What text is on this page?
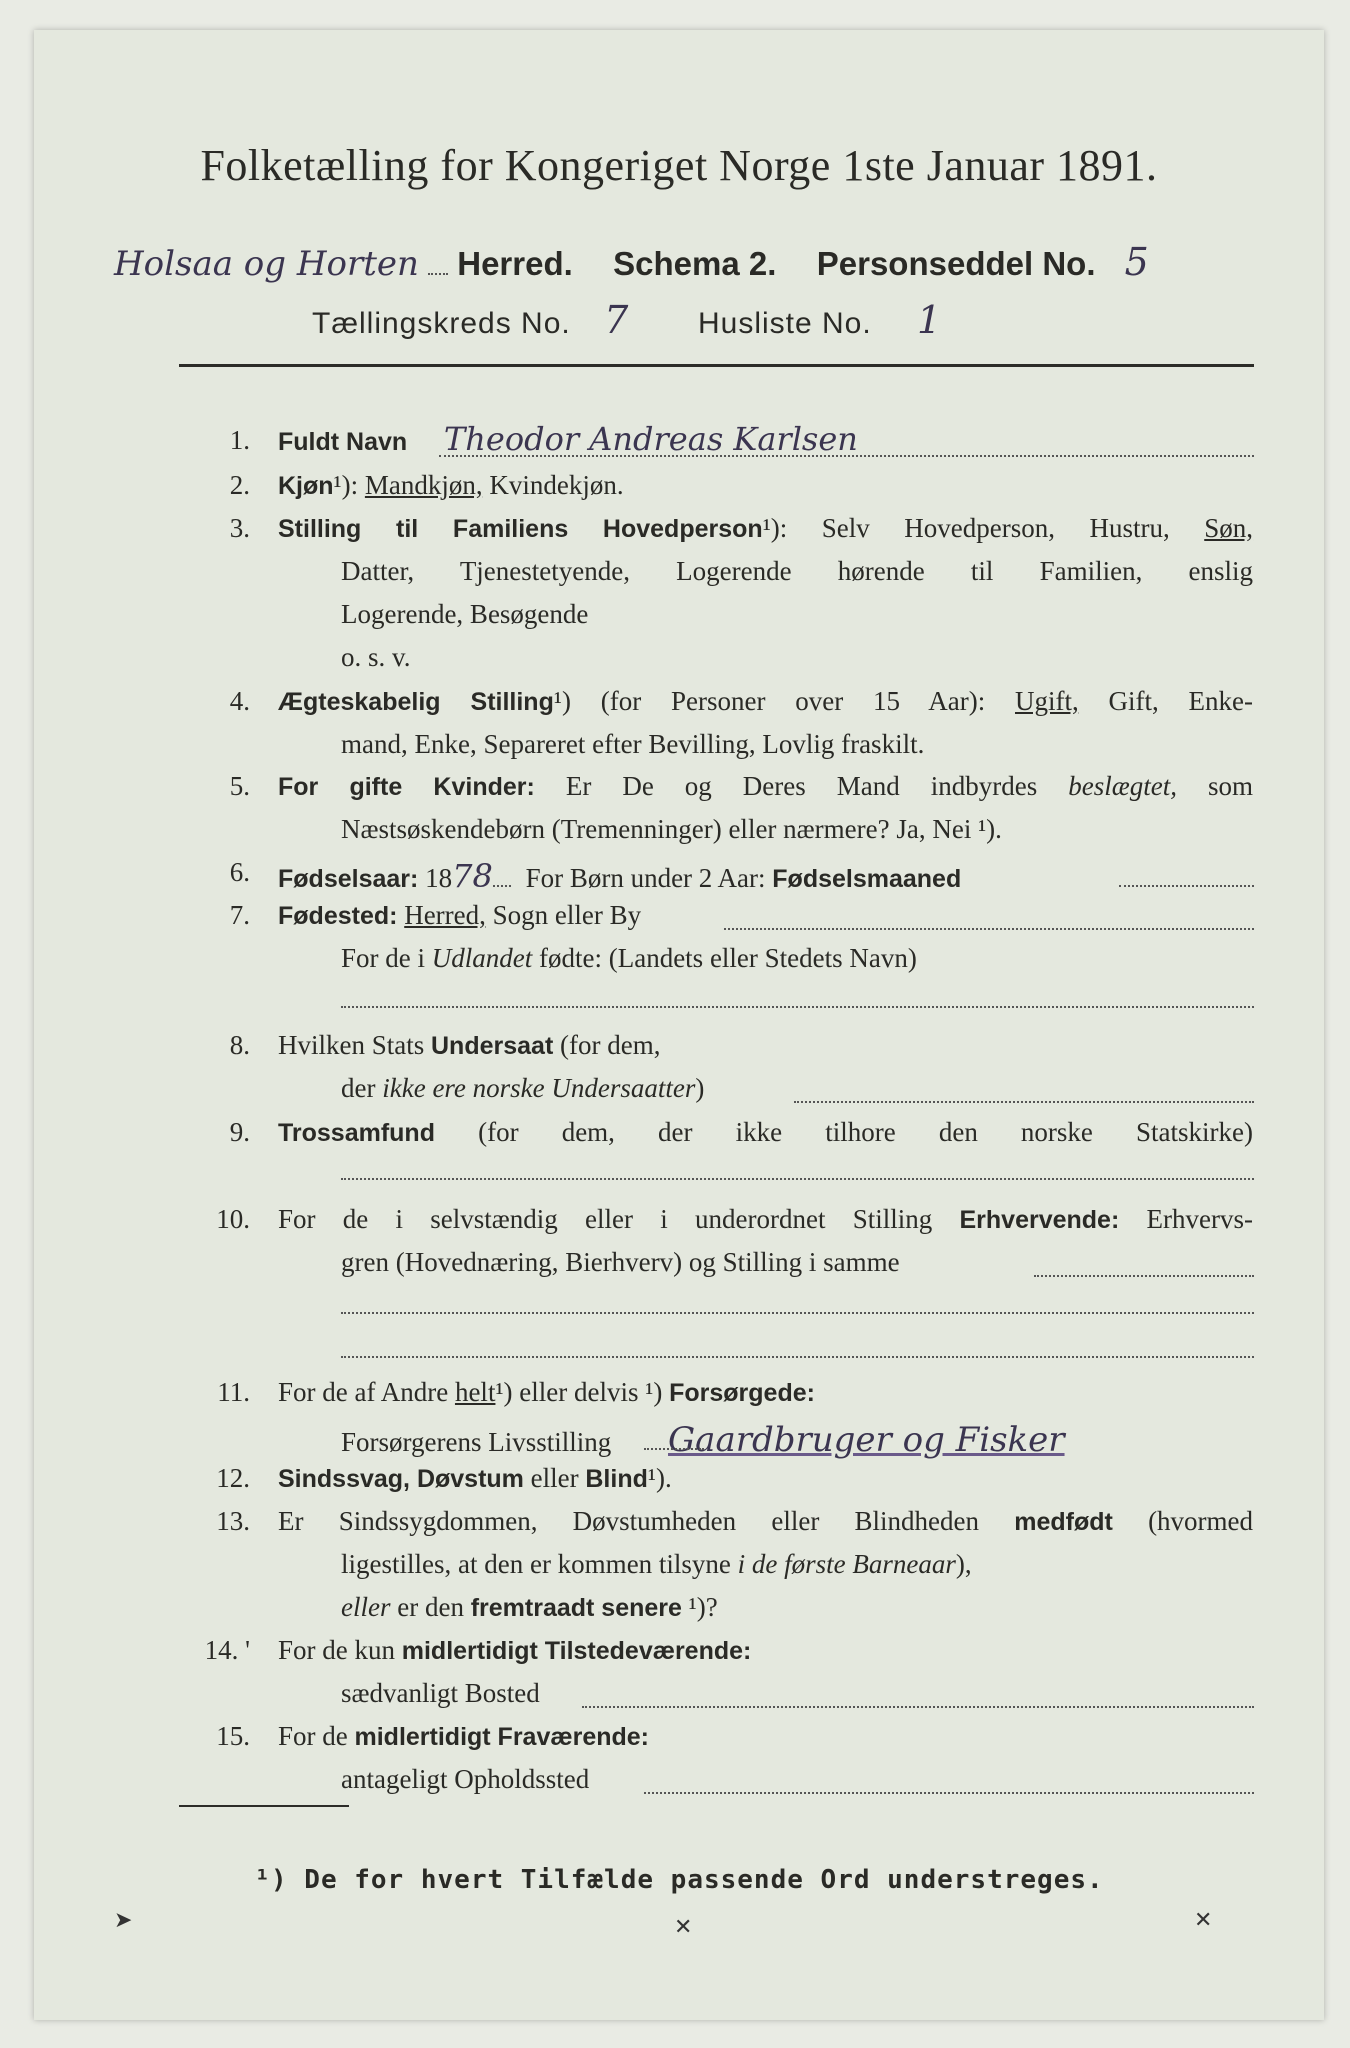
Folketælling for Kongeriget Norge 1ste Januar 1891.
Holsaa og Horten Herred. Schema 2. Personseddel No. 5
Tællingskreds No. 7 Husliste No. 1
1. Fuldt Navn Theodor Andreas Karlsen
2. Kjøn¹): Mandkjøn, Kvindekjøn.
3. Stilling til Familiens Hovedperson¹): Selv Hovedperson, Hustru, Søn,
Datter, Tjenestetyende, Logerende hørende til Familien, enslig
Logerende, Besøgende
o. s. v.
4. Ægteskabelig Stilling¹) (for Personer over 15 Aar): Ugift, Gift, Enke-
mand, Enke, Separeret efter Bevilling, Lovlig fraskilt.
5. For gifte Kvinder: Er De og Deres Mand indbyrdes beslægtet, som
Næstsøskendebørn (Tremenninger) eller nærmere? Ja, Nei ¹).
6. Fødselsaar: 1878 For Børn under 2 Aar: Fødselsmaaned
7. Fødested: Herred, Sogn eller By
For de i Udlandet fødte: (Landets eller Stedets Navn)
8. Hvilken Stats Undersaat (for dem,
der ikke ere norske Undersaatter)
9. Trossamfund (for dem, der ikke tilhore den norske Statskirke)
10. For de i selvstændig eller i underordnet Stilling Erhvervende: Erhvervs-
gren (Hovednæring, Bierhverv) og Stilling i samme
11. For de af Andre helt¹) eller delvis ¹) Forsørgede:
Forsørgerens Livsstilling Gaardbruger og Fisker
12. Sindssvag, Døvstum eller Blind¹).
13. Er Sindssygdommen, Døvstumheden eller Blindheden medfødt (hvormed
ligestilles, at den er kommen tilsyne i de første Barneaar),
eller er den fremtraadt senere ¹)?
14. ' For de kun midlertidigt Tilstedeværende:
sædvanligt Bosted
15. For de midlertidigt Fraværende:
antageligt Opholdssted
¹) De for hvert Tilfælde passende Ord understreges.
➤	✕	✕
